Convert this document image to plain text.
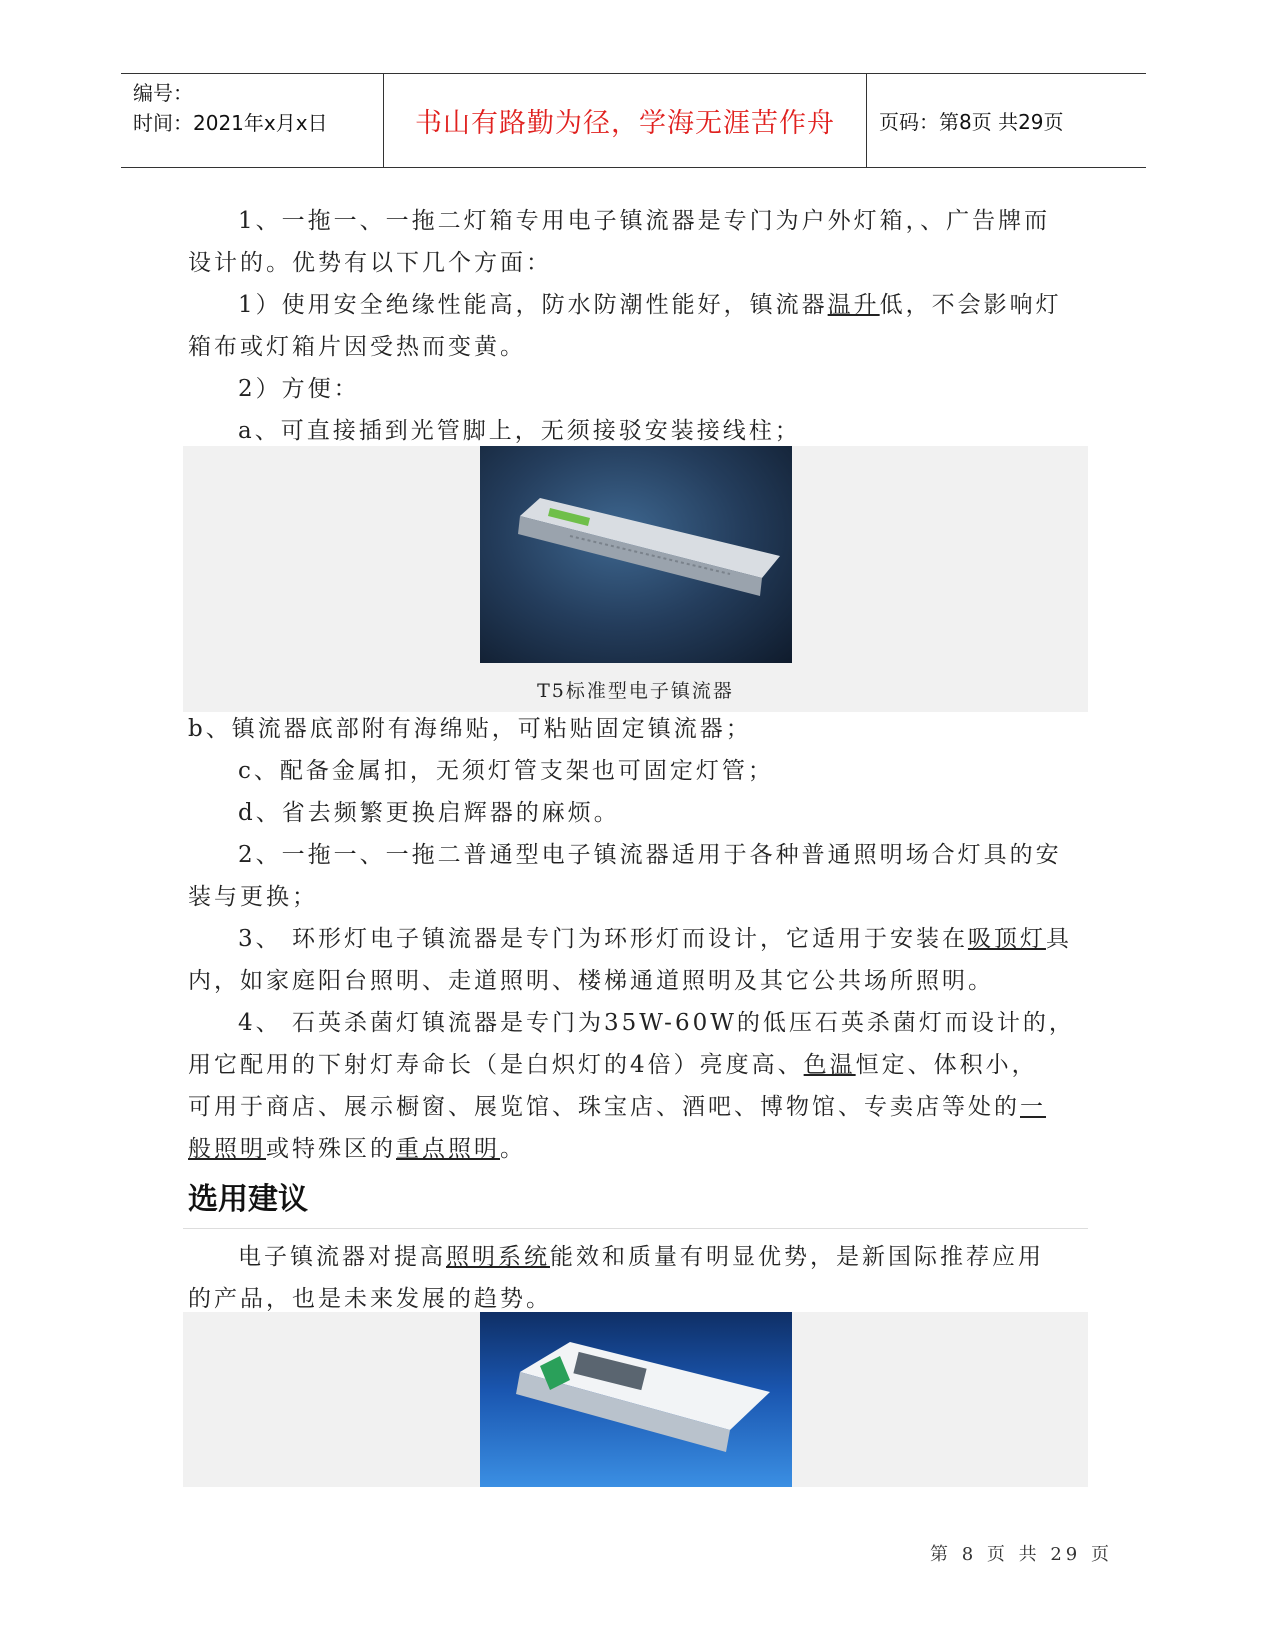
编号：
时间：2021年x月x日	书山有路勤为径，学海无涯苦作舟	页码：第8页 共29页

1、一拖一、一拖二灯箱专用电子镇流器是专门为户外灯箱，、广告牌而

设计的。优势有以下几个方面：

1）使用安全绝缘性能高，防水防潮性能好，镇流器温升低，不会影响灯

箱布或灯箱片因受热而变黄。

2）方便：

a、可直接插到光管脚上，无须接驳安装接线柱；

T5标准型电子镇流器

b、镇流器底部附有海绵贴，可粘贴固定镇流器；

c、配备金属扣，无须灯管支架也可固定灯管；

d、省去频繁更换启辉器的麻烦。

2、一拖一、一拖二普通型电子镇流器适用于各种普通照明场合灯具的安

装与更换；

3、 环形灯电子镇流器是专门为环形灯而设计，它适用于安装在吸顶灯具

内，如家庭阳台照明、走道照明、楼梯通道照明及其它公共场所照明。

4、 石英杀菌灯镇流器是专门为35W-60W的低压石英杀菌灯而设计的，

用它配用的下射灯寿命长（是白炽灯的4倍）亮度高、色温恒定、体积小，

可用于商店、展示橱窗、展览馆、珠宝店、酒吧、博物馆、专卖店等处的一

般照明或特殊区的重点照明。

选用建议

电子镇流器对提高照明系统能效和质量有明显优势，是新国际推荐应用

的产品，也是未来发展的趋势。

第 8 页 共 29 页
